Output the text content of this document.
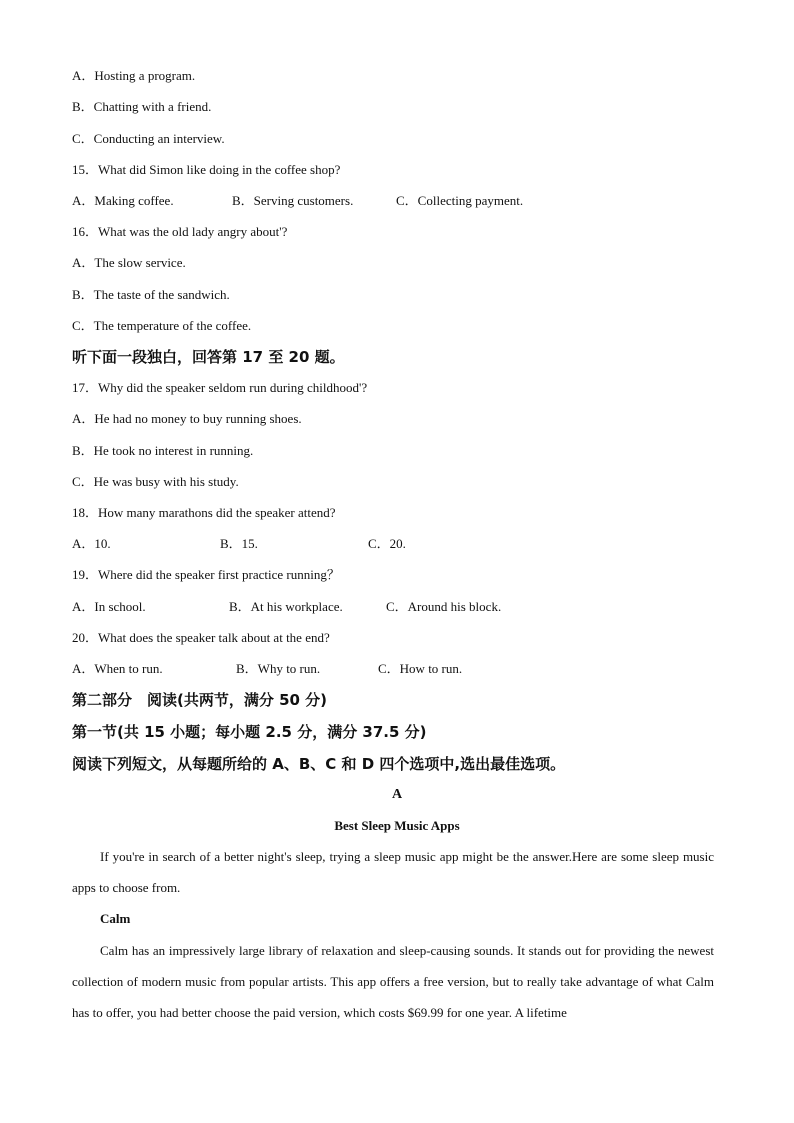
A．Hosting a program.
B．Chatting with a friend.
C．Conducting an interview.
15．What did Simon like doing in the coffee shop?
A．Making coffee.	B．Serving customers.	C．Collecting payment.
16．What was the old lady angry about'?
A．The slow service.
B．The taste of the sandwich.
C．The temperature of the coffee.
听下面一段独白，回答第 17 至 20 题。
17．Why did the speaker seldom run during childhood'?
A．He had no money to buy running shoes.
B．He took no interest in running.
C．He was busy with his study.
18．How many marathons did the speaker attend?
A．10.	B．15.	C．20.
19．Where did the speaker first practice running？
A．In school.	B．At his workplace.	C．Around his block.
20．What does the speaker talk about at the end?
A．When to run.	B．Why to run.	C．How to run.
第二部分　阅读(共两节，满分 50 分)
第一节(共 15 小题；每小题 2.5 分，满分 37.5 分)
阅读下列短文，从每题所给的 A、B、C 和 D 四个选项中,选出最佳选项。
A
Best Sleep Music Apps
If you're in search of a better night's sleep, trying a sleep music app might be the answer.Here are some sleep music apps to choose from.
Calm
Calm has an impressively large library of relaxation and sleep-causing sounds. It stands out for providing the newest collection of modern music from popular artists. This app offers a free version, but to really take advantage of what Calm has to offer, you had better choose the paid version, which costs $69.99 for one year. A lifetime
